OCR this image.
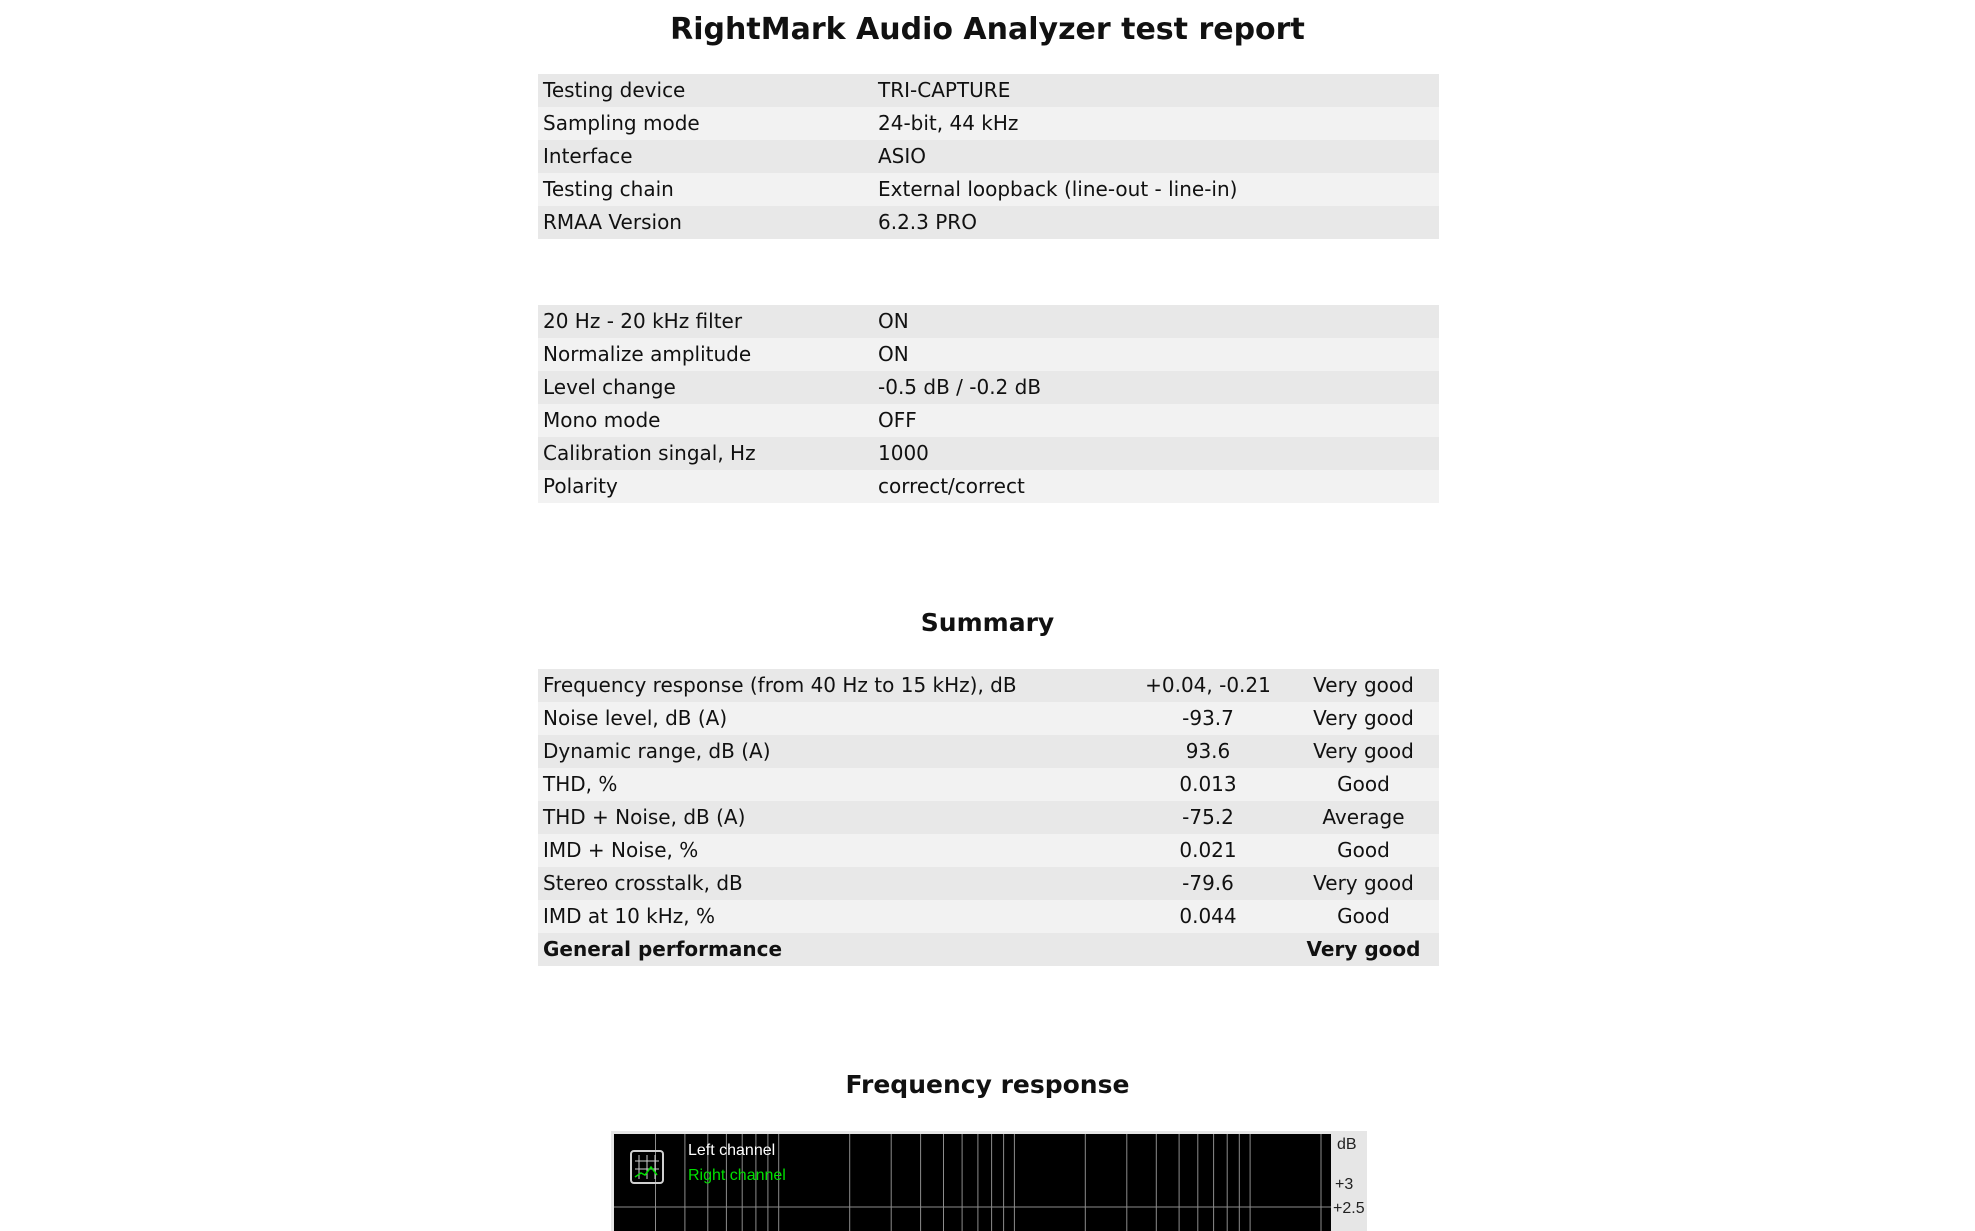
RightMark Audio Analyzer test report
Testing device	TRI-CAPTURE
Sampling mode	24-bit, 44 kHz
Interface	ASIO
Testing chain	External loopback (line-out - line-in)
RMAA Version	6.2.3 PRO
20 Hz - 20 kHz filter	ON
Normalize amplitude	ON
Level change	-0.5 dB / -0.2 dB
Mono mode	OFF
Calibration singal, Hz	1000
Polarity	correct/correct
Summary
Frequency response (from 40 Hz to 15 kHz), dB	+0.04, -0.21	Very good
Noise level, dB (A)	-93.7	Very good
Dynamic range, dB (A)	93.6	Very good
THD, %	0.013	Good
THD + Noise, dB (A)	-75.2	Average
IMD + Noise, %	0.021	Good
Stereo crosstalk, dB	-79.6	Very good
IMD at 10 kHz, %	0.044	Good
General performance		Very good
Frequency response
Left channel
Right channel
dB
+3
+2.5
